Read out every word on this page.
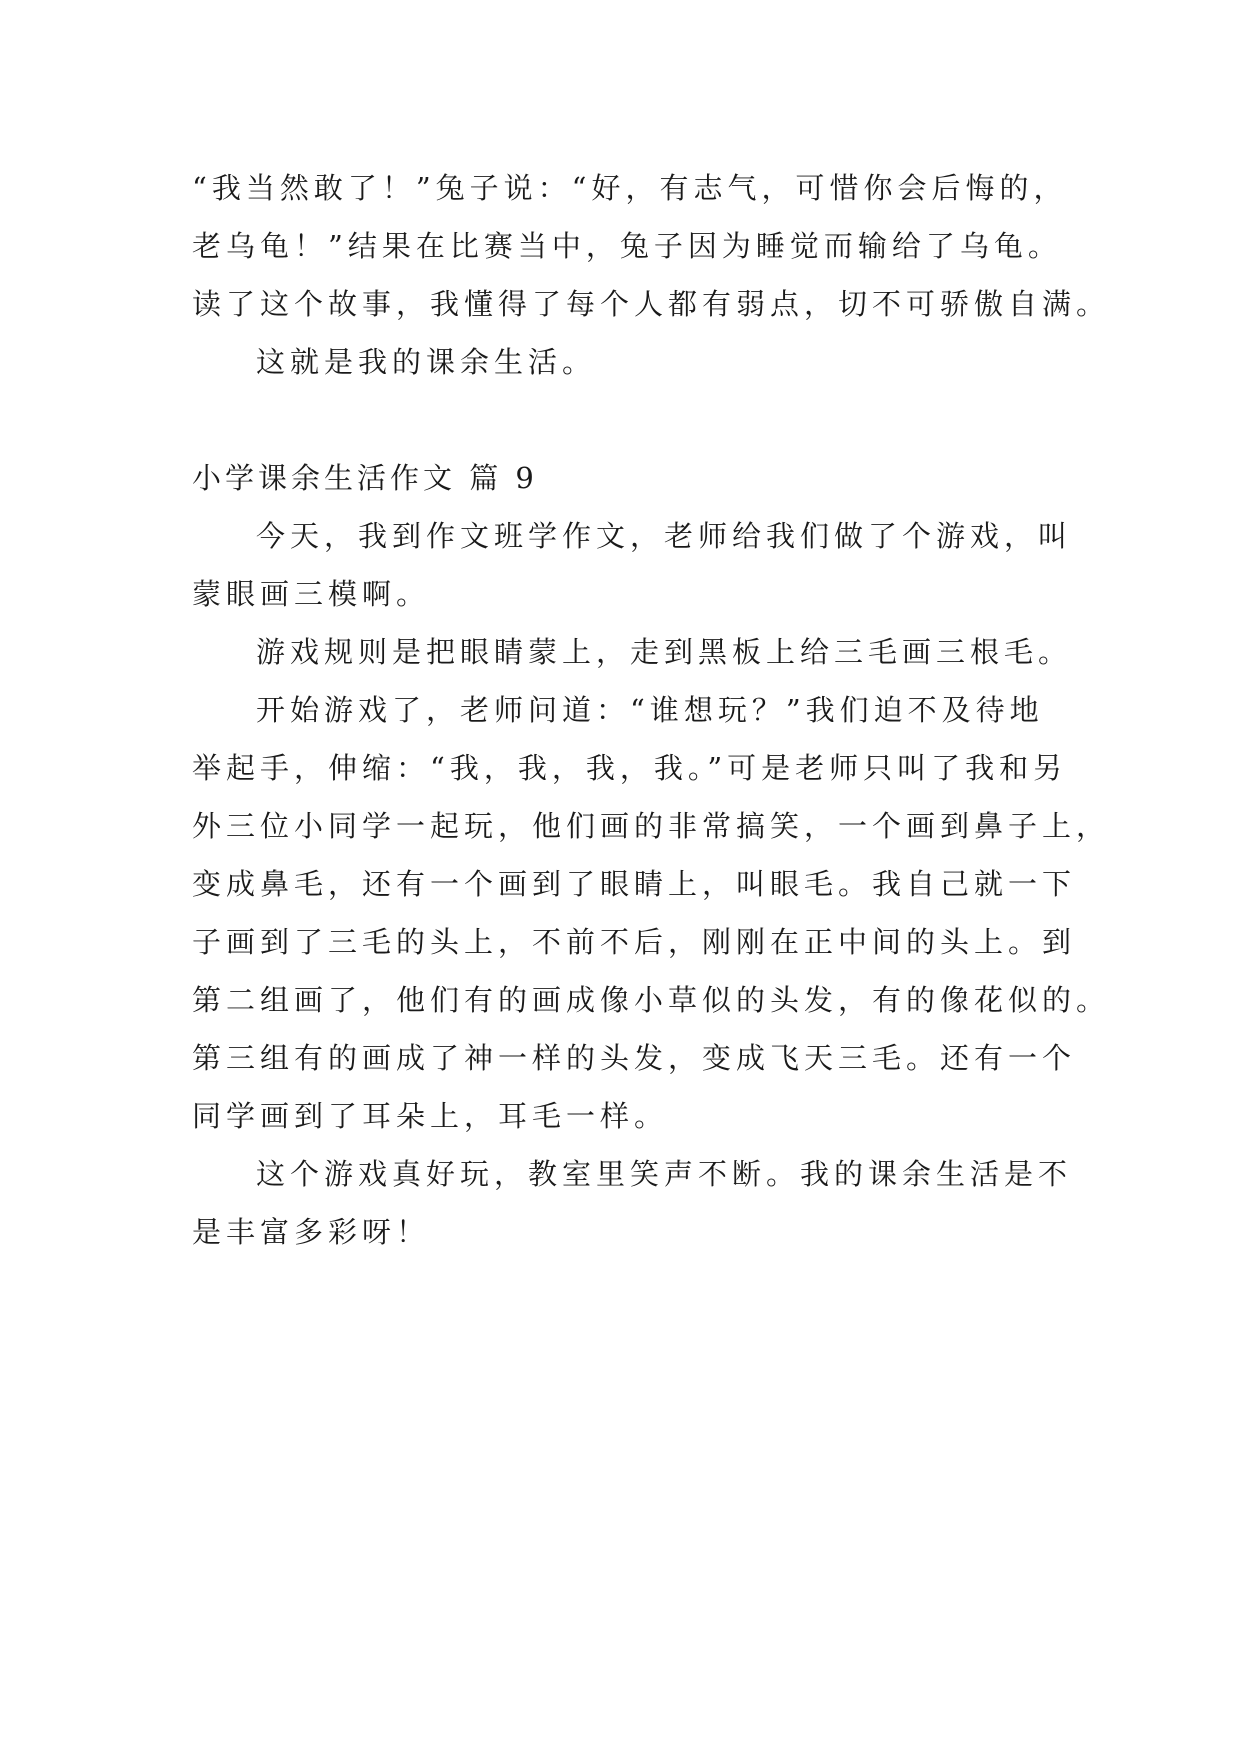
“我当然敢了！”兔子说：“好，有志气，可惜你会后悔的，
老乌龟！”结果在比赛当中，兔子因为睡觉而输给了乌龟。
读了这个故事，我懂得了每个人都有弱点，切不可骄傲自满。
这就是我的课余生活。
小学课余生活作文 篇 9
今天，我到作文班学作文，老师给我们做了个游戏，叫
蒙眼画三模啊。
游戏规则是把眼睛蒙上，走到黑板上给三毛画三根毛。
开始游戏了，老师问道：“谁想玩？”我们迫不及待地
举起手，伸缩：“我，我，我，我。”可是老师只叫了我和另
外三位小同学一起玩，他们画的非常搞笑，一个画到鼻子上，
变成鼻毛，还有一个画到了眼睛上，叫眼毛。我自己就一下
子画到了三毛的头上，不前不后，刚刚在正中间的头上。到
第二组画了，他们有的画成像小草似的头发，有的像花似的。
第三组有的画成了神一样的头发，变成飞天三毛。还有一个
同学画到了耳朵上，耳毛一样。
这个游戏真好玩，教室里笑声不断。我的课余生活是不
是丰富多彩呀！
